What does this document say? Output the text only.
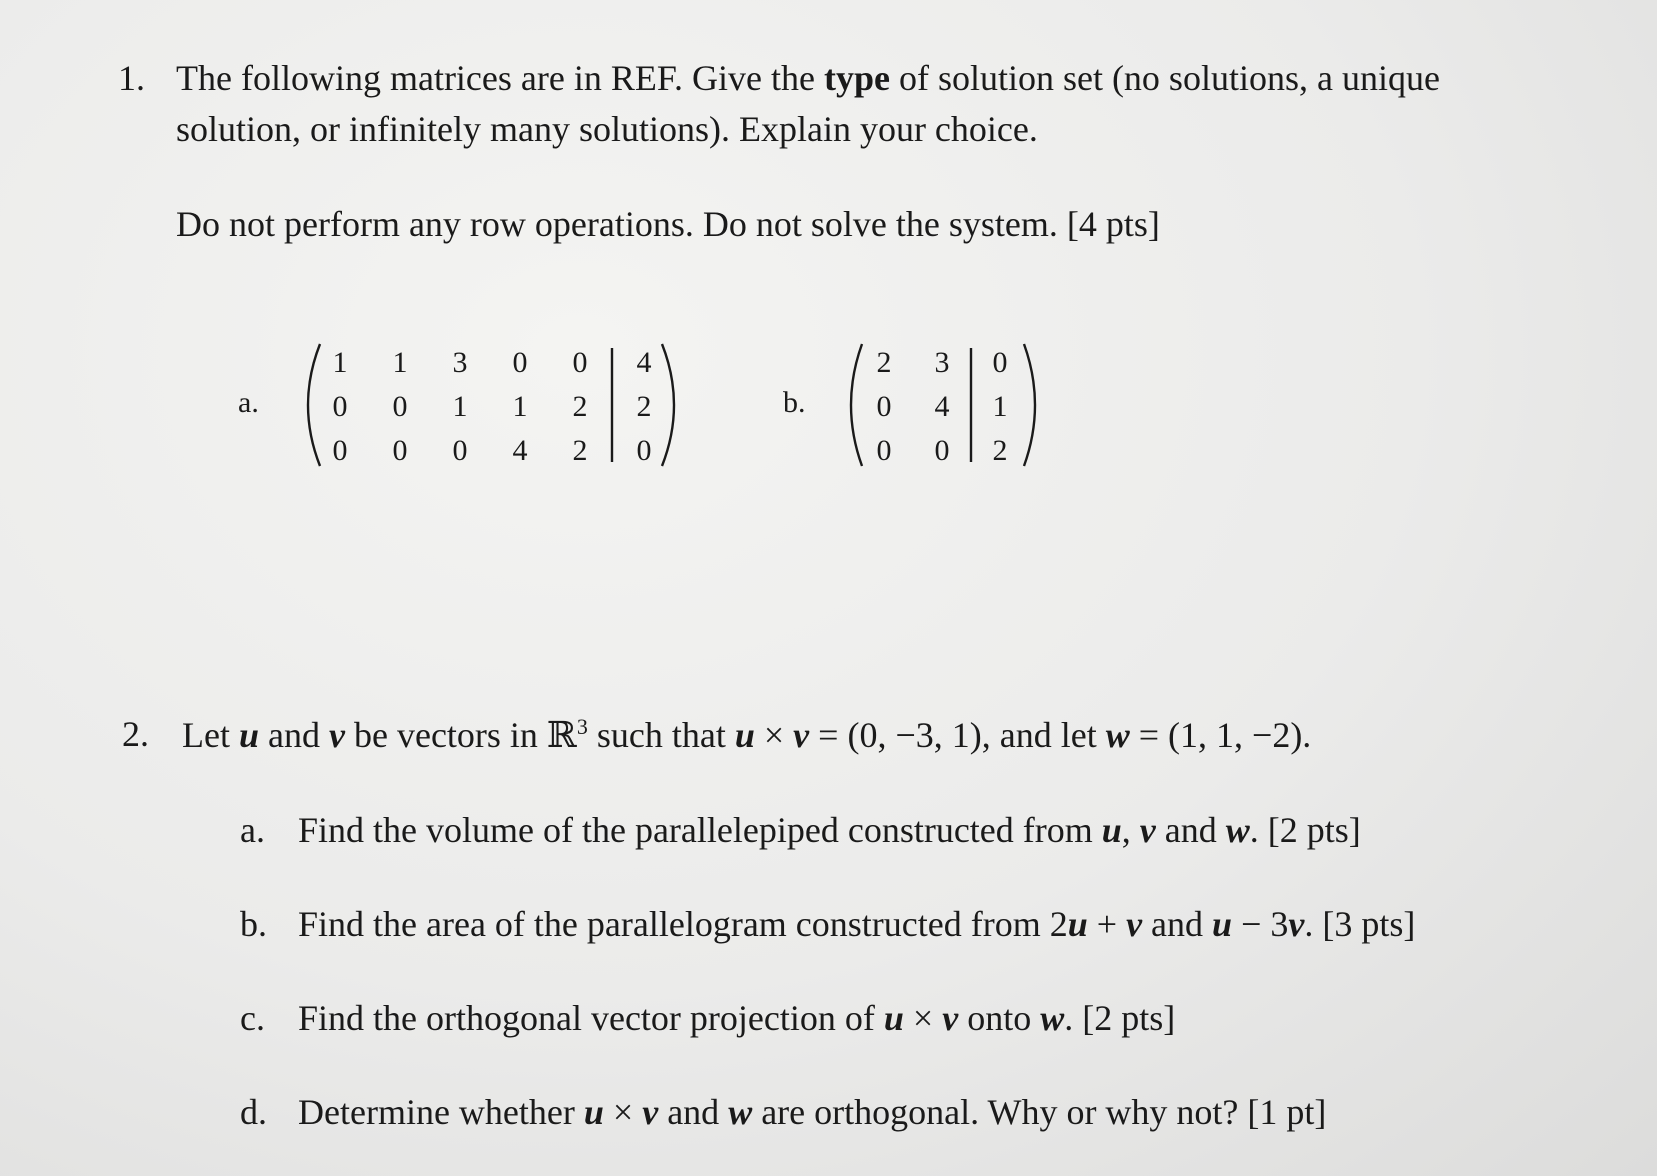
1. The following matrices are in REF. Give the type of solution set (no solutions, a unique
solution, or infinitely many solutions). Explain your choice.
Do not perform any row operations. Do not solve the system. [4 pts]
a.
1	1	3	0	0	4
0	0	1	1	2	2
0	0	0	4	2	0
b.
2	3	0
0	4	1
0	0	2
2. Let u and v be vectors in ℝ$^3$ such that u × v = (0, −3, 1), and let w = (1, 1, −2).
a. Find the volume of the parallelepiped constructed from u, v and w. [2 pts]
b. Find the area of the parallelogram constructed from 2u + v and u − 3v. [3 pts]
c. Find the orthogonal vector projection of u × v onto w. [2 pts]
d. Determine whether u × v and w are orthogonal. Why or why not? [1 pt]
